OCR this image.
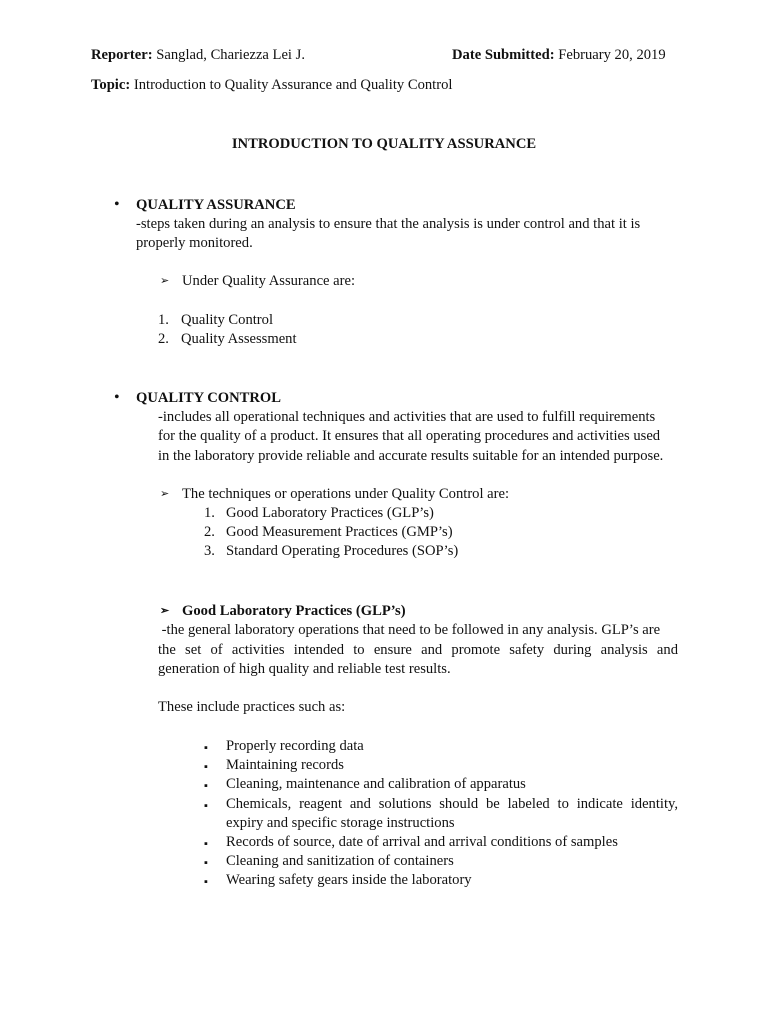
Reporter: Sanglad, Chariezza Lei J.	Date Submitted: February 20, 2019

Topic: Introduction to Quality Assurance and Quality Control

INTRODUCTION TO QUALITY ASSURANCE

• QUALITY ASSURANCE

-steps taken during an analysis to ensure that the analysis is under control and that it is

properly monitored.

➢ Under Quality Assurance are:

1. Quality Control
2. Quality Assessment
• QUALITY CONTROL

-includes all operational techniques and activities that are used to fulfill requirements

for the quality of a product. It ensures that all operating procedures and activities used

in the laboratory provide reliable and accurate results suitable for an intended purpose.

➢ The techniques or operations under Quality Control are:

1. Good Laboratory Practices (GLP’s)
2. Good Measurement Practices (GMP’s)
3. Standard Operating Procedures (SOP’s)

➢ Good Laboratory Practices (GLP’s)

-the general laboratory operations that need to be followed in any analysis. GLP’s are

the set of activities intended to ensure and promote safety during analysis and

generation of high quality and reliable test results.

These include practices such as:

▪ Properly recording data
▪ Maintaining records
▪ Cleaning, maintenance and calibration of apparatus
▪ Chemicals, reagent and solutions should be labeled to indicate identity,
expiry and specific storage instructions
▪ Records of source, date of arrival and arrival conditions of samples
▪ Cleaning and sanitization of containers
▪ Wearing safety gears inside the laboratory
